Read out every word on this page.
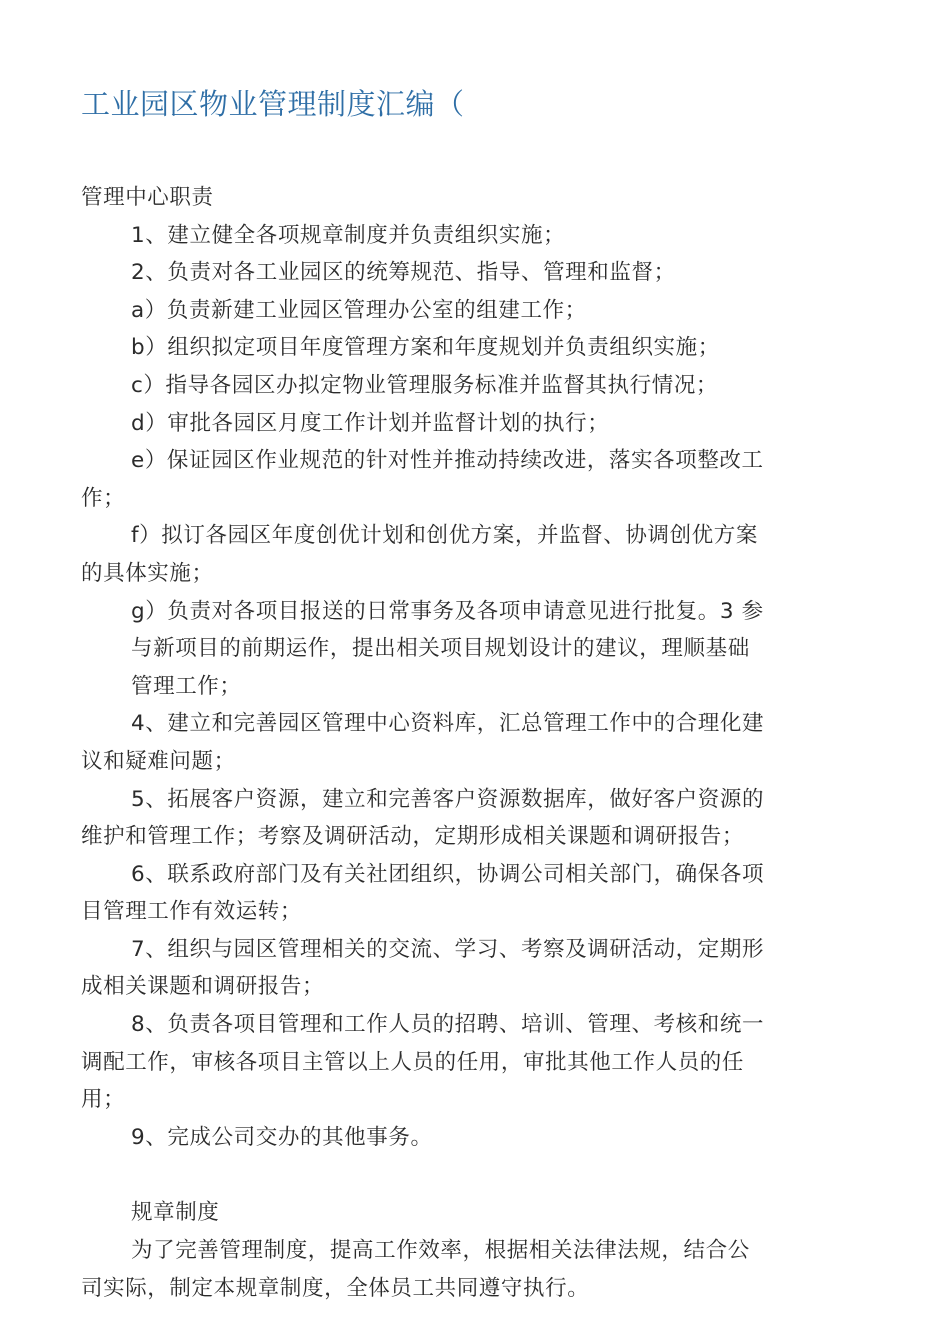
工业园区物业管理制度汇编（
管理中心职责
1、建立健全各项规章制度并负责组织实施；
2、负责对各工业园区的统筹规范、指导、管理和监督；
a）负责新建工业园区管理办公室的组建工作；
b）组织拟定项目年度管理方案和年度规划并负责组织实施；
c）指导各园区办拟定物业管理服务标准并监督其执行情况；
d）审批各园区月度工作计划并监督计划的执行；
e）保证园区作业规范的针对性并推动持续改进，落实各项整改工
作；
f）拟订各园区年度创优计划和创优方案，并监督、协调创优方案
的具体实施；
g）负责对各项目报送的日常事务及各项申请意见进行批复。3 参
与新项目的前期运作，提出相关项目规划设计的建议，理顺基础
管理工作；
4、建立和完善园区管理中心资料库，汇总管理工作中的合理化建
议和疑难问题；
5、拓展客户资源，建立和完善客户资源数据库，做好客户资源的
维护和管理工作；考察及调研活动，定期形成相关课题和调研报告；
6、联系政府部门及有关社团组织，协调公司相关部门，确保各项
目管理工作有效运转；
7、组织与园区管理相关的交流、学习、考察及调研活动，定期形
成相关课题和调研报告；
8、负责各项目管理和工作人员的招聘、培训、管理、考核和统一
调配工作，审核各项目主管以上人员的任用，审批其他工作人员的任
用；
9、完成公司交办的其他事务。
规章制度
为了完善管理制度，提高工作效率，根据相关法律法规，结合公
司实际，制定本规章制度，全体员工共同遵守执行。
